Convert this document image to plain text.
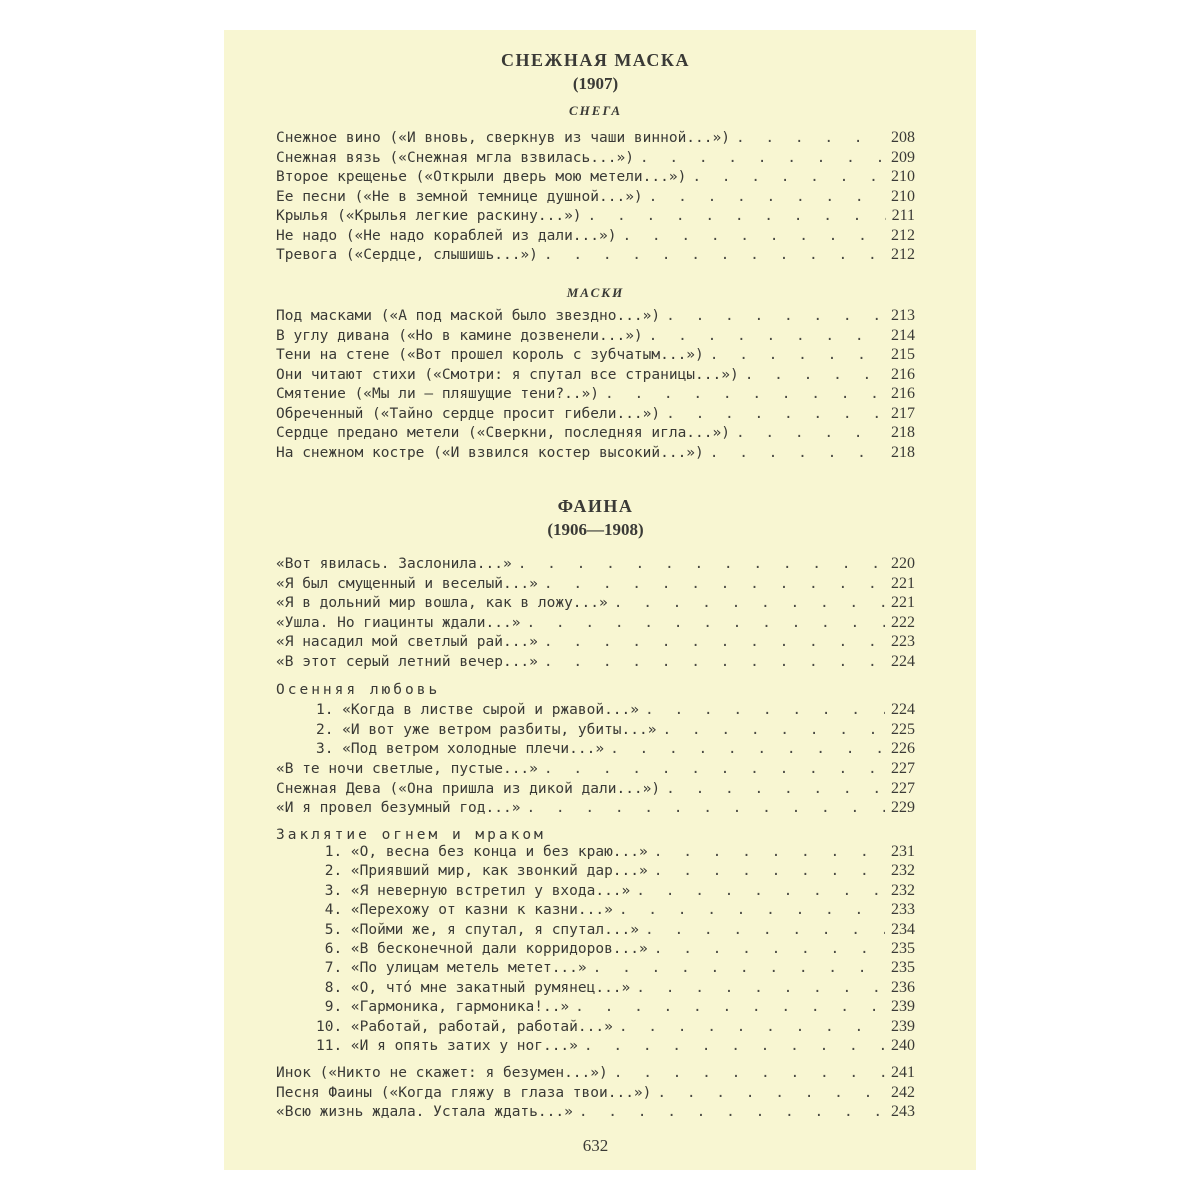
СНЕЖНАЯ МАСКА
(1907)
СНЕГА
Снежное вино («И вновь, сверкнув из чаши винной...») . . .	208
Снежная вязь («Снежная мгла взвилась...») . . .	209
Второе крещенье («Открыли дверь мою метели...») . . .	210
Ее песни («Не в земной темнице душной...») . . .	210
Крылья («Крылья легкие раскину...») . . .	211
Не надо («Не надо кораблей из дали...») . . .	212
Тревога («Сердце, слышишь...») . . .	212
МАСКИ
Под масками («А под маской было звездно...») . . .	213
В углу дивана («Но в камине дозвенели...») . . .	214
Тени на стене («Вот прошел король с зубчатым...») . . .	215
Они читают стихи («Смотри: я спутал все страницы...») . . .	216
Смятение («Мы ли — пляшущие тени?..») . . .	216
Обреченный («Тайно сердце просит гибели...») . . .	217
Сердце предано метели («Сверкни, последняя игла...») . . .	218
На снежном костре («И взвился костер высокий...») . . .	218
ФАИНА
(1906—1908)
«Вот явилась. Заслонила...» . . .	220
«Я был смущенный и веселый...» . . .	221
«Я в дольний мир вошла, как в ложу...» . . .	221
«Ушла. Но гиацинты ждали...» . . .	222
«Я насадил мой светлый рай...» . . .	223
«В этот серый летний вечер...» . . .	224
Осенняя любовь
1. «Когда в листве сырой и ржавой...» . . .	224
2. «И вот уже ветром разбиты, убиты...» . . .	225
3. «Под ветром холодные плечи...» . . .	226
«В те ночи светлые, пустые...» . . .	227
Снежная Дева («Она пришла из дикой дали...») . . .	227
«И я провел безумный год...» . . .	229
Заклятие огнем и мраком
1. «О, весна без конца и без краю...» . . .	231
2. «Приявший мир, как звонкий дар...» . . .	232
3. «Я неверную встретил у входа...» . . .	232
4. «Перехожу от казни к казни...» . . .	233
5. «Пойми же, я спутал, я спутал...» . . .	234
6. «В бесконечной дали корридоров...» . . .	235
7. «По улицам метель метет...» . . .	235
8. «О, что́ мне закатный румянец...» . . .	236
9. «Гармоника, гармоника!..» . . .	239
10. «Работай, работай, работай...» . . .	239
11. «И я опять затих у ног...» . . .	240
Инок («Никто не скажет: я безумен...») . . .	241
Песня Фаины («Когда гляжу в глаза твои...») . . .	242
«Всю жизнь ждала. Устала ждать...» . . .	243
632
